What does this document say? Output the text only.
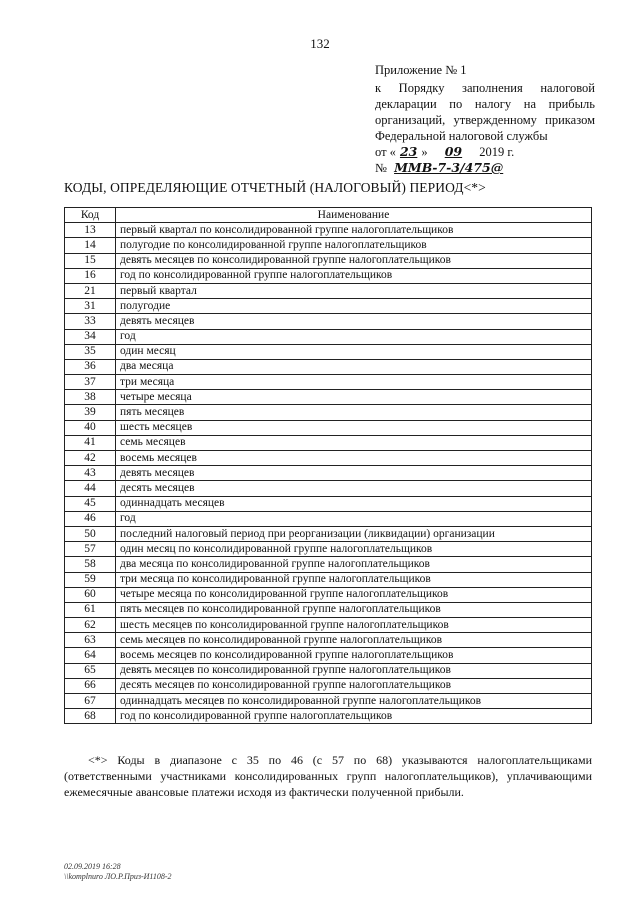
132
Приложение № 1
к Порядку заполнения налоговой
декларации по налогу на прибыль
организаций, утвержденному приказом
Федеральной налоговой службы
от « 23 » 09 2019 г.
№ ММВ-7-3/475@
КОДЫ, ОПРЕДЕЛЯЮЩИЕ ОТЧЕТНЫЙ (НАЛОГОВЫЙ) ПЕРИОД<*>
Код	Наименование
13	первый квартал по консолидированной группе налогоплательщиков
14	полугодие по консолидированной группе налогоплательщиков
15	девять месяцев по консолидированной группе налогоплательщиков
16	год по консолидированной группе налогоплательщиков
21	первый квартал
31	полугодие
33	девять месяцев
34	год
35	один месяц
36	два месяца
37	три месяца
38	четыре месяца
39	пять месяцев
40	шесть месяцев
41	семь месяцев
42	восемь месяцев
43	девять месяцев
44	десять месяцев
45	одиннадцать месяцев
46	год
50	последний налоговый период при реорганизации (ликвидации) организации
57	один месяц по консолидированной группе налогоплательщиков
58	два месяца по консолидированной группе налогоплательщиков
59	три месяца по консолидированной группе налогоплательщиков
60	четыре месяца по консолидированной группе налогоплательщиков
61	пять месяцев по консолидированной группе налогоплательщиков
62	шесть месяцев по консолидированной группе налогоплательщиков
63	семь месяцев по консолидированной группе налогоплательщиков
64	восемь месяцев по консолидированной группе налогоплательщиков
65	девять месяцев по консолидированной группе налогоплательщиков
66	десять месяцев по консолидированной группе налогоплательщиков
67	одиннадцать месяцев по консолидированной группе налогоплательщиков
68	год по консолидированной группе налогоплательщиков
<*> Коды в диапазоне с 35 по 46 (с 57 по 68) указываются налогоплательщиками (ответственными участниками консолидированных групп налогоплательщиков), уплачивающими ежемесячные авансовые платежи исходя из фактически полученной прибыли.
02.09.2019 16:28
\\komplnuro ЛО.Р.Приз-И1108-2
